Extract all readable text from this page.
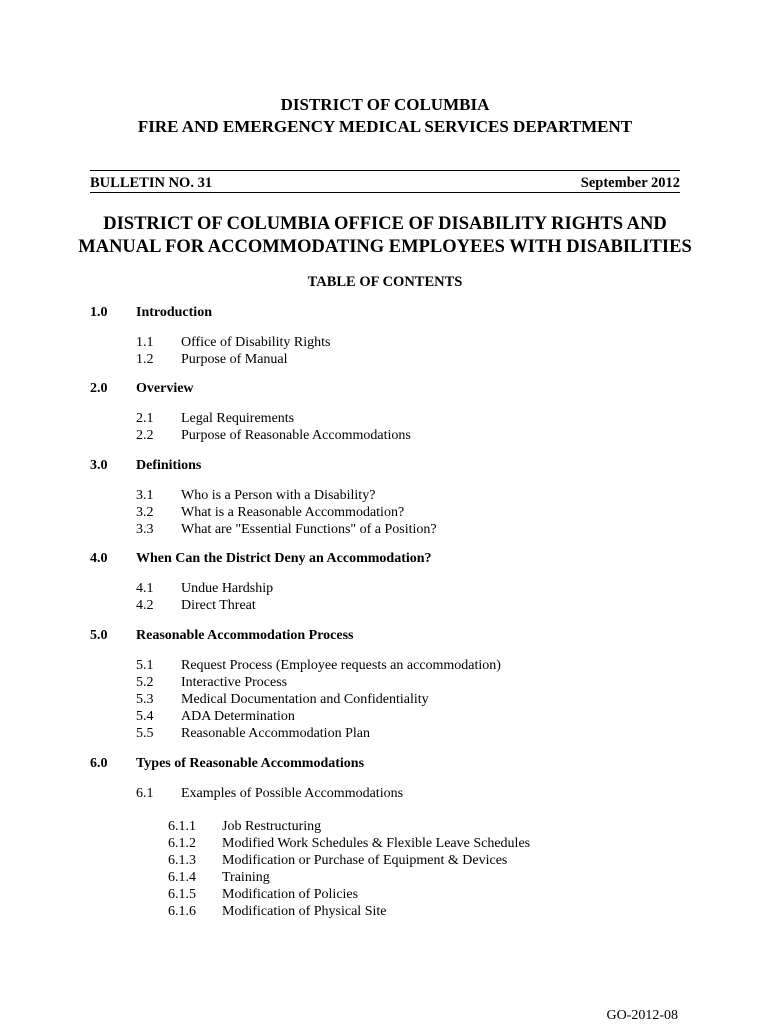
DISTRICT OF COLUMBIA
FIRE AND EMERGENCY MEDICAL SERVICES DEPARTMENT
BULLETIN NO. 31	September 2012
DISTRICT OF COLUMBIA OFFICE OF DISABILITY RIGHTS AND
MANUAL FOR ACCOMMODATING EMPLOYEES WITH DISABILITIES
TABLE OF CONTENTS
1.0 Introduction
1.1 Office of Disability Rights
1.2 Purpose of Manual
2.0 Overview
2.1 Legal Requirements
2.2 Purpose of Reasonable Accommodations
3.0 Definitions
3.1 Who is a Person with a Disability?
3.2 What is a Reasonable Accommodation?
3.3 What are "Essential Functions" of a Position?
4.0 When Can the District Deny an Accommodation?
4.1 Undue Hardship
4.2 Direct Threat
5.0 Reasonable Accommodation Process
5.1 Request Process (Employee requests an accommodation)
5.2 Interactive Process
5.3 Medical Documentation and Confidentiality
5.4 ADA Determination
5.5 Reasonable Accommodation Plan
6.0 Types of Reasonable Accommodations
6.1 Examples of Possible Accommodations
6.1.1 Job Restructuring
6.1.2 Modified Work Schedules & Flexible Leave Schedules
6.1.3 Modification or Purchase of Equipment & Devices
6.1.4 Training
6.1.5 Modification of Policies
6.1.6 Modification of Physical Site
GO-2012-08
